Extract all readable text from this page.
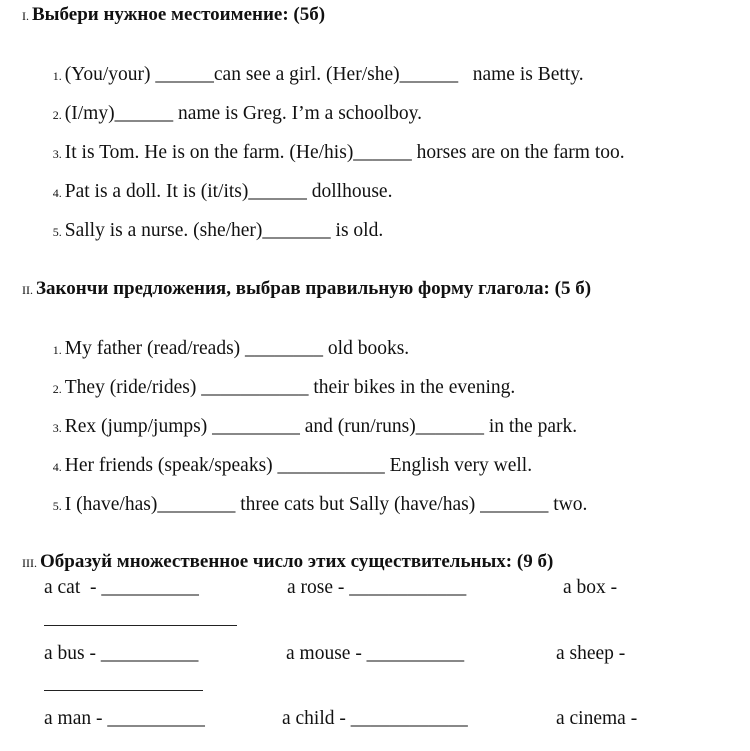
I. Выбери нужное местоимение: (5б)

1. (You/your) ______can see a girl. (Her/she)______   name is Betty.

2. (I/my)______ name is Greg. I’m a schoolboy.

3. It is Tom. He is on the farm. (He/his)______ horses are on the farm too.

4. Pat is a doll. It is (it/its)______ dollhouse.

5. Sally is a nurse. (she/her)_______ is old.

II. Закончи предложения, выбрав правильную форму глагола: (5 б)

1. My father (read/reads) ________ old books.

2. They (ride/rides) ___________ their bikes in the evening.

3. Rex (jump/jumps) _________ and (run/runs)_______ in the park.

4. Her friends (speak/speaks) ___________ English very well.

5. I (have/has)________ three cats but Sally (have/has) _______ two.

III. Образуй множественное число этих существительных: (9 б)
a cat  - __________	a rose - ____________	a box -
a bus - __________	a mouse - __________	a sheep -
a man - __________	a child - ____________	a cinema -
